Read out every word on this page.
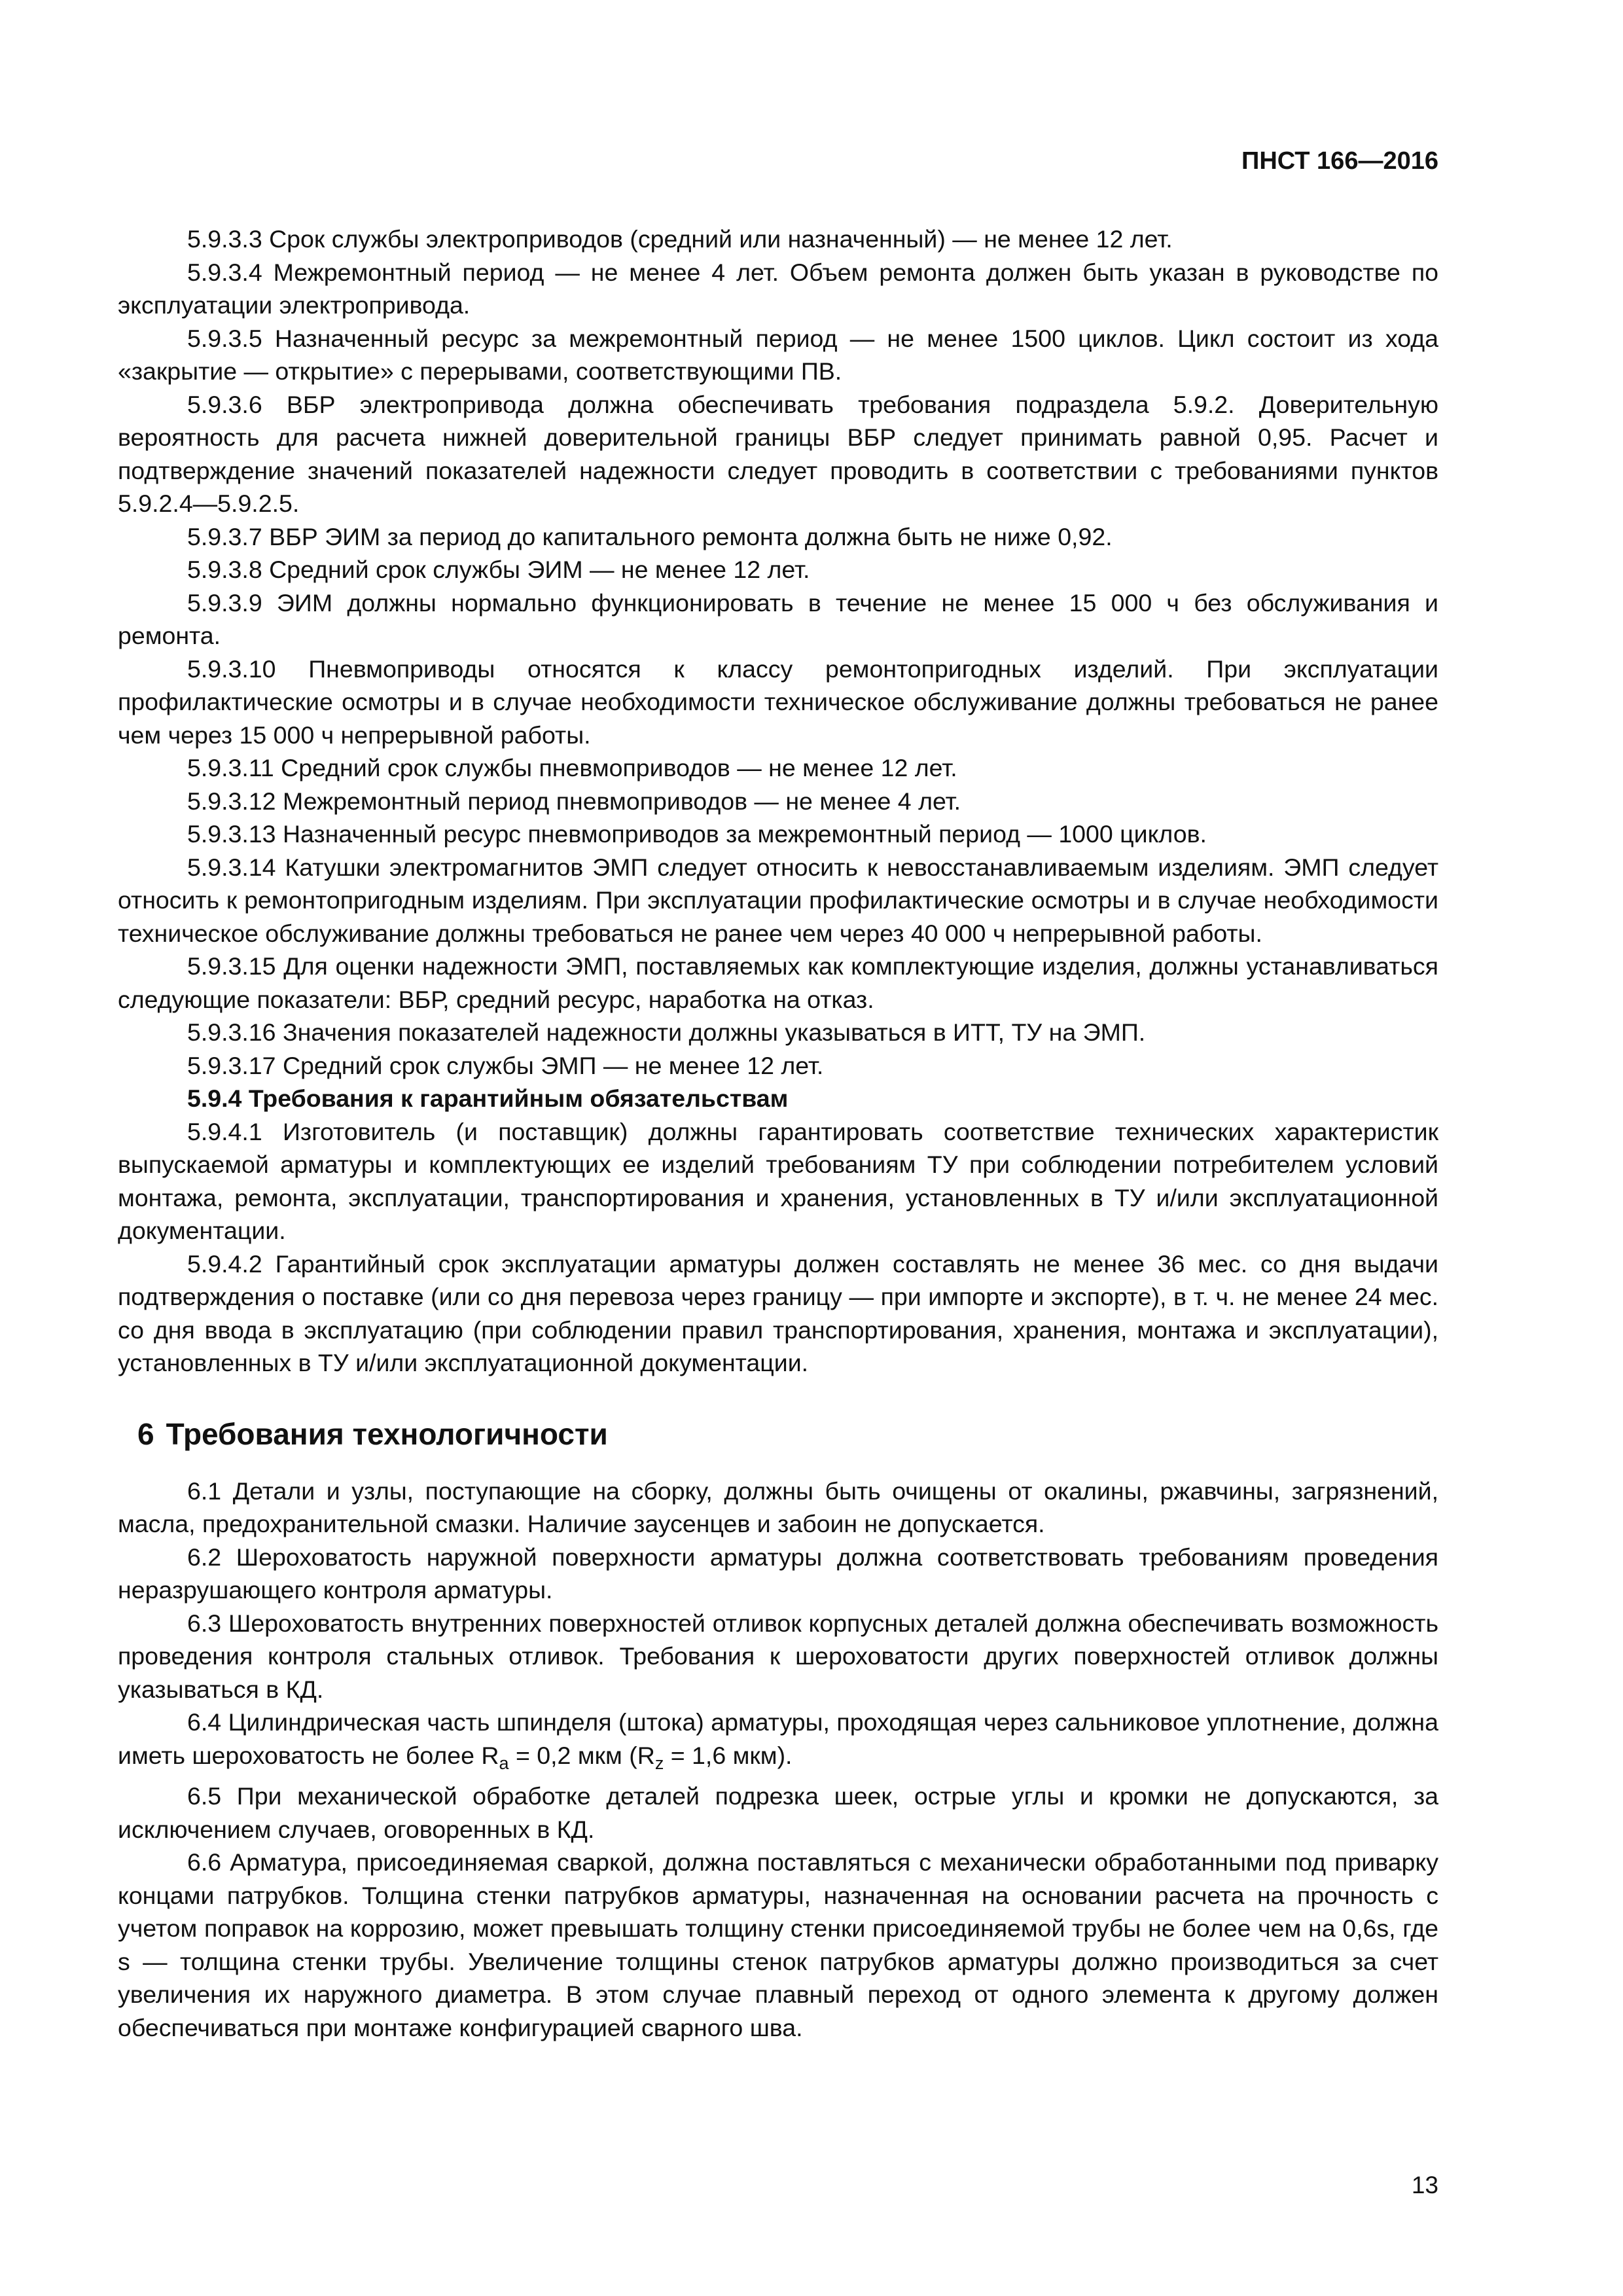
ПНСТ 166—2016

5.9.3.3 Срок службы электроприводов (средний или назначенный) — не менее 12 лет.

5.9.3.4 Межремонтный период — не менее 4 лет. Объем ремонта должен быть указан в руководстве по эксплуатации электропривода.

5.9.3.5 Назначенный ресурс за межремонтный период — не менее 1500 циклов. Цикл состоит из хода «закрытие — открытие» с перерывами, соответствующими ПВ.

5.9.3.6 ВБР электропривода должна обеспечивать требования подраздела 5.9.2. Доверительную вероятность для расчета нижней доверительной границы ВБР следует принимать равной 0,95. Расчет и подтверждение значений показателей надежности следует проводить в соответствии с требованиями пунктов 5.9.2.4—5.9.2.5.

5.9.3.7 ВБР ЭИМ за период до капитального ремонта должна быть не ниже 0,92.

5.9.3.8 Средний срок службы ЭИМ — не менее 12 лет.

5.9.3.9 ЭИМ должны нормально функционировать в течение не менее 15 000 ч без обслуживания и ремонта.

5.9.3.10 Пневмоприводы относятся к классу ремонтопригодных изделий. При эксплуатации профилактические осмотры и в случае необходимости техническое обслуживание должны требоваться не ранее чем через 15 000 ч непрерывной работы.

5.9.3.11 Средний срок службы пневмоприводов — не менее 12 лет.

5.9.3.12 Межремонтный период пневмоприводов — не менее 4 лет.

5.9.3.13 Назначенный ресурс пневмоприводов за межремонтный период — 1000 циклов.

5.9.3.14 Катушки электромагнитов ЭМП следует относить к невосстанавливаемым изделиям. ЭМП следует относить к ремонтопригодным изделиям. При эксплуатации профилактические осмотры и в случае необходимости техническое обслуживание должны требоваться не ранее чем через 40 000 ч непрерывной работы.

5.9.3.15 Для оценки надежности ЭМП, поставляемых как комплектующие изделия, должны устанавливаться следующие показатели: ВБР, средний ресурс, наработка на отказ.

5.9.3.16 Значения показателей надежности должны указываться в ИТТ, ТУ на ЭМП.

5.9.3.17 Средний срок службы ЭМП — не менее 12 лет.

5.9.4 Требования к гарантийным обязательствам

5.9.4.1 Изготовитель (и поставщик) должны гарантировать соответствие технических характеристик выпускаемой арматуры и комплектующих ее изделий требованиям ТУ при соблюдении потребителем условий монтажа, ремонта, эксплуатации, транспортирования и хранения, установленных в ТУ и/или эксплуатационной документации.

5.9.4.2 Гарантийный срок эксплуатации арматуры должен составлять не менее 36 мес. со дня выдачи подтверждения о поставке (или со дня перевоза через границу — при импорте и экспорте), в т. ч. не менее 24 мес. со дня ввода в эксплуатацию (при соблюдении правил транспортирования, хранения, монтажа и эксплуатации), установленных в ТУ и/или эксплуатационной документации.

6 Требования технологичности

6.1 Детали и узлы, поступающие на сборку, должны быть очищены от окалины, ржавчины, загрязнений, масла, предохранительной смазки. Наличие заусенцев и забоин не допускается.

6.2 Шероховатость наружной поверхности арматуры должна соответствовать требованиям проведения неразрушающего контроля арматуры.

6.3 Шероховатость внутренних поверхностей отливок корпусных деталей должна обеспечивать возможность проведения контроля стальных отливок. Требования к шероховатости других поверхностей отливок должны указываться в КД.

6.4 Цилиндрическая часть шпинделя (штока) арматуры, проходящая через сальниковое уплотнение, должна иметь шероховатость не более $R_a = 0,2$ мкм ($R_z = 1,6$ мкм).

6.5 При механической обработке деталей подрезка шеек, острые углы и кромки не допускаются, за исключением случаев, оговоренных в КД.

6.6 Арматура, присоединяемая сваркой, должна поставляться с механически обработанными под приварку концами патрубков. Толщина стенки патрубков арматуры, назначенная на основании расчета на прочность с учетом поправок на коррозию, может превышать толщину стенки присоединяемой трубы не более чем на 0,6s, где s — толщина стенки трубы. Увеличение толщины стенок патрубков арматуры должно производиться за счет увеличения их наружного диаметра. В этом случае плавный переход от одного элемента к другому должен обеспечиваться при монтаже конфигурацией сварного шва.

13
